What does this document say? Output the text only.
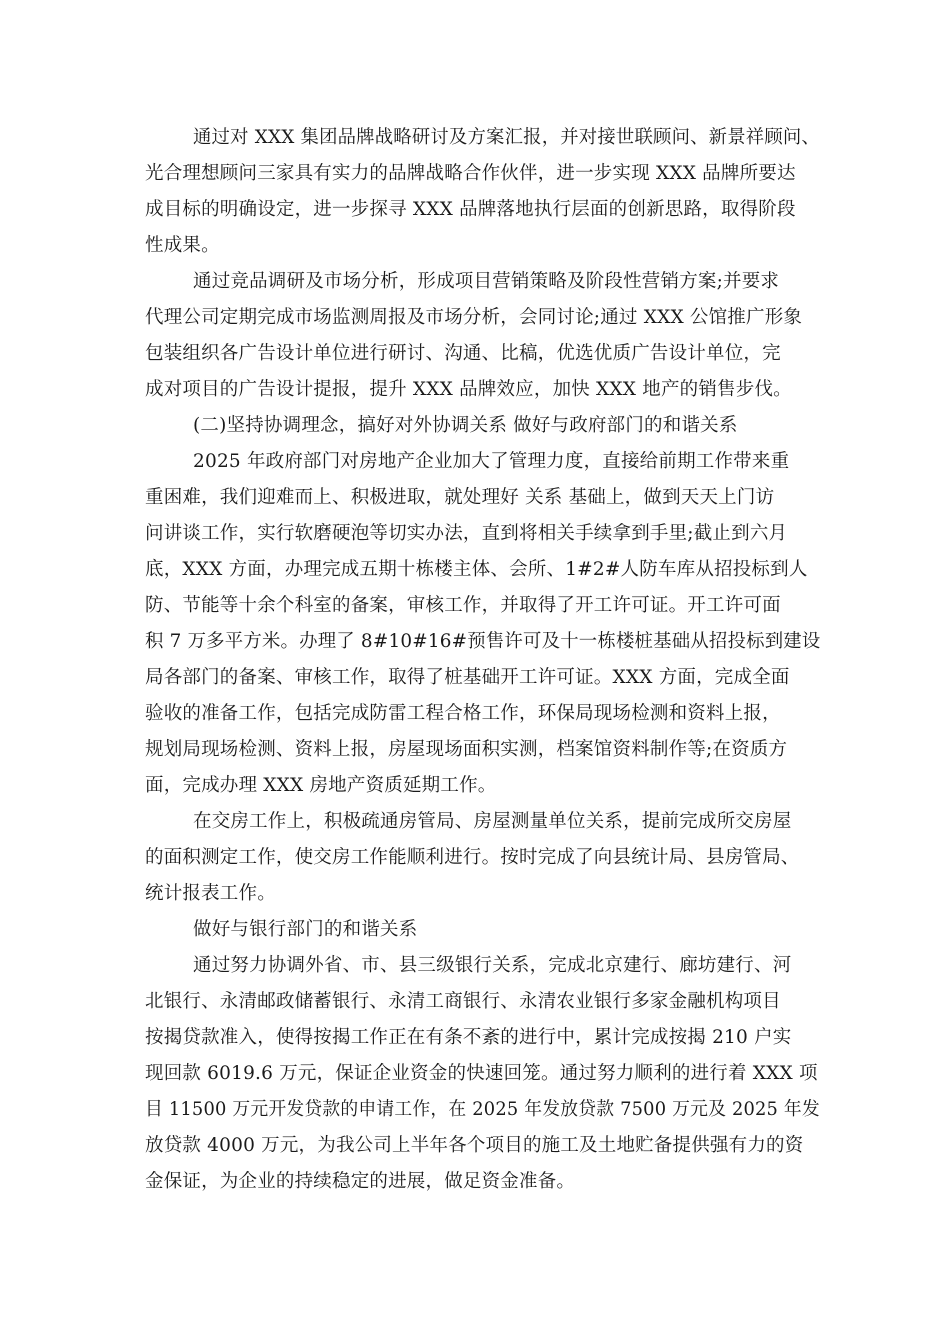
通过对 XXX 集团品牌战略研讨及方案汇报，并对接世联顾问、新景祥顾问、
光合理想顾问三家具有实力的品牌战略合作伙伴，进一步实现 XXX 品牌所要达
成目标的明确设定，进一步探寻 XXX 品牌落地执行层面的创新思路，取得阶段
性成果。
通过竞品调研及市场分析，形成项目营销策略及阶段性营销方案;并要求
代理公司定期完成市场监测周报及市场分析，会同讨论;通过 XXX 公馆推广形象
包装组织各广告设计单位进行研讨、沟通、比稿，优选优质广告设计单位，完
成对项目的广告设计提报，提升 XXX 品牌效应，加快 XXX 地产的销售步伐。
(二)坚持协调理念，搞好对外协调关系 做好与政府部门的和谐关系
2025 年政府部门对房地产企业加大了管理力度，直接给前期工作带来重
重困难，我们迎难而上、积极进取，就处理好 关系 基础上，做到天天上门访
问讲谈工作，实行软磨硬泡等切实办法，直到将相关手续拿到手里;截止到六月
底，XXX 方面，办理完成五期十栋楼主体、会所、1#2#人防车库从招投标到人
防、节能等十余个科室的备案，审核工作，并取得了开工许可证。开工许可面
积 7 万多平方米。办理了 8#10#16#预售许可及十一栋楼桩基础从招投标到建设
局各部门的备案、审核工作，取得了桩基础开工许可证。XXX 方面，完成全面
验收的准备工作，包括完成防雷工程合格工作，环保局现场检测和资料上报，
规划局现场检测、资料上报，房屋现场面积实测，档案馆资料制作等;在资质方
面，完成办理 XXX 房地产资质延期工作。
在交房工作上，积极疏通房管局、房屋测量单位关系，提前完成所交房屋
的面积测定工作，使交房工作能顺利进行。按时完成了向县统计局、县房管局、
统计报表工作。
做好与银行部门的和谐关系
通过努力协调外省、市、县三级银行关系，完成北京建行、廊坊建行、河
北银行、永清邮政储蓄银行、永清工商银行、永清农业银行多家金融机构项目
按揭贷款准入，使得按揭工作正在有条不紊的进行中，累计完成按揭 210 户实
现回款 6019.6 万元，保证企业资金的快速回笼。通过努力顺利的进行着 XXX 项
目 11500 万元开发贷款的申请工作，在 2025 年发放贷款 7500 万元及 2025 年发
放贷款 4000 万元，为我公司上半年各个项目的施工及土地贮备提供强有力的资
金保证，为企业的持续稳定的进展，做足资金准备。
